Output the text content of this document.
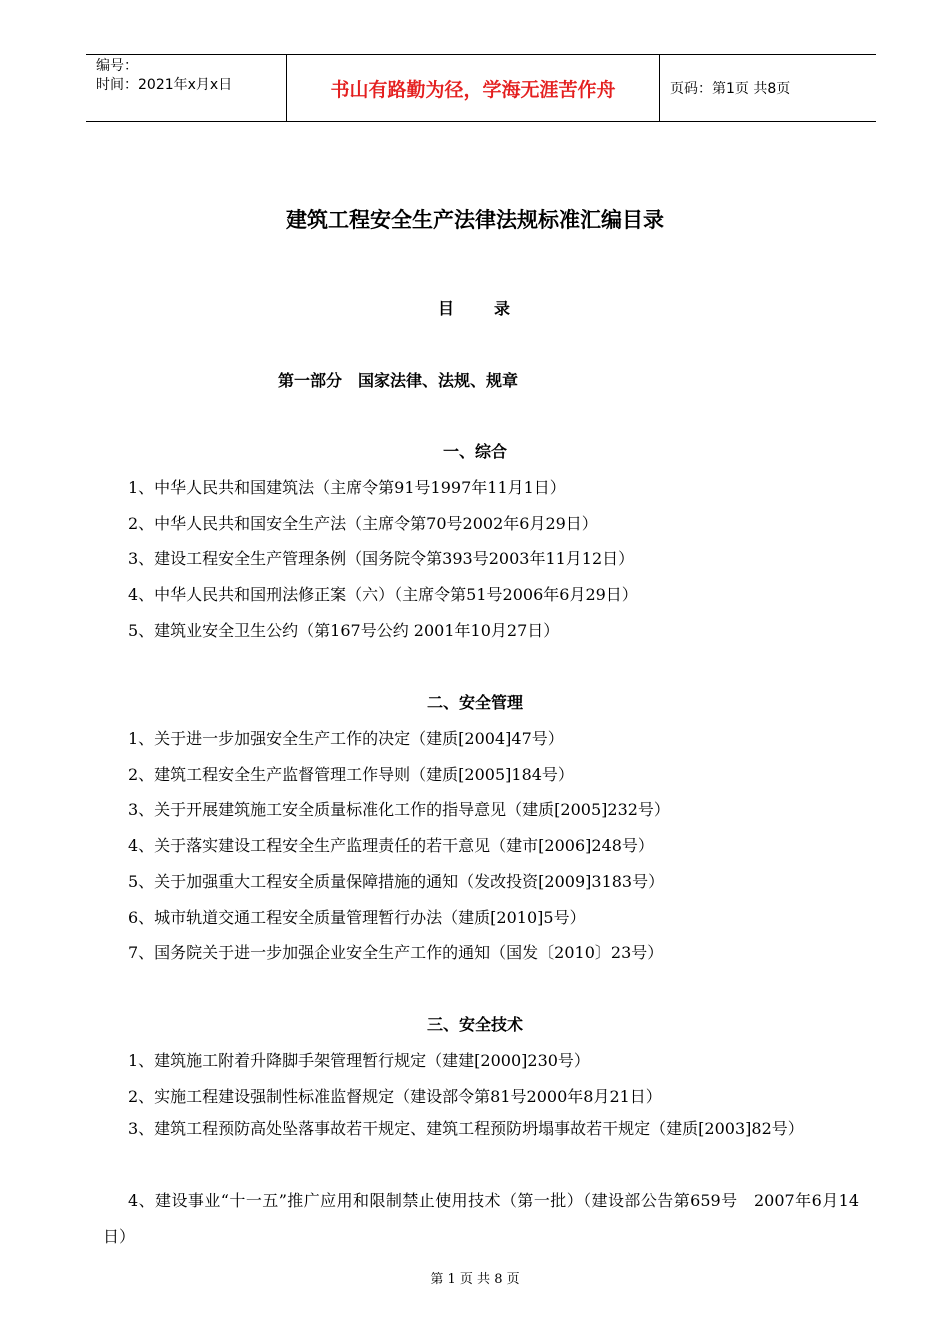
编号：
时间：2021年x月x日	书山有路勤为径，学海无涯苦作舟	页码：第1页 共8页
建筑工程安全生产法律法规标准汇编目录
目录
第一部分　国家法律、法规、规章
一、综合
1、中华人民共和国建筑法（主席令第91号1997年11月1日）
2、中华人民共和国安全生产法（主席令第70号2002年6月29日）
3、建设工程安全生产管理条例（国务院令第393号2003年11月12日）
4、中华人民共和国刑法修正案（六）（主席令第51号2006年6月29日）
5、建筑业安全卫生公约（第167号公约 2001年10月27日）
二、安全管理
1、关于进一步加强安全生产工作的决定（建质[2004]47号）
2、建筑工程安全生产监督管理工作导则（建质[2005]184号）
3、关于开展建筑施工安全质量标准化工作的指导意见（建质[2005]232号）
4、关于落实建设工程安全生产监理责任的若干意见（建市[2006]248号）
5、关于加强重大工程安全质量保障措施的通知（发改投资[2009]3183号）
6、城市轨道交通工程安全质量管理暂行办法（建质[2010]5号）
7、国务院关于进一步加强企业安全生产工作的通知（国发〔2010〕23号）
三、安全技术
1、建筑施工附着升降脚手架管理暂行规定（建建[2000]230号）
2、实施工程建设强制性标准监督规定（建设部令第81号2000年8月21日）
3、建筑工程预防高处坠落事故若干规定、建筑工程预防坍塌事故若干规定（建质[2003]82号）
4、建设事业“十一五”推广应用和限制禁止使用技术（第一批）（建设部公告第659号　2007年6月14日）
第 1 页 共 8 页
